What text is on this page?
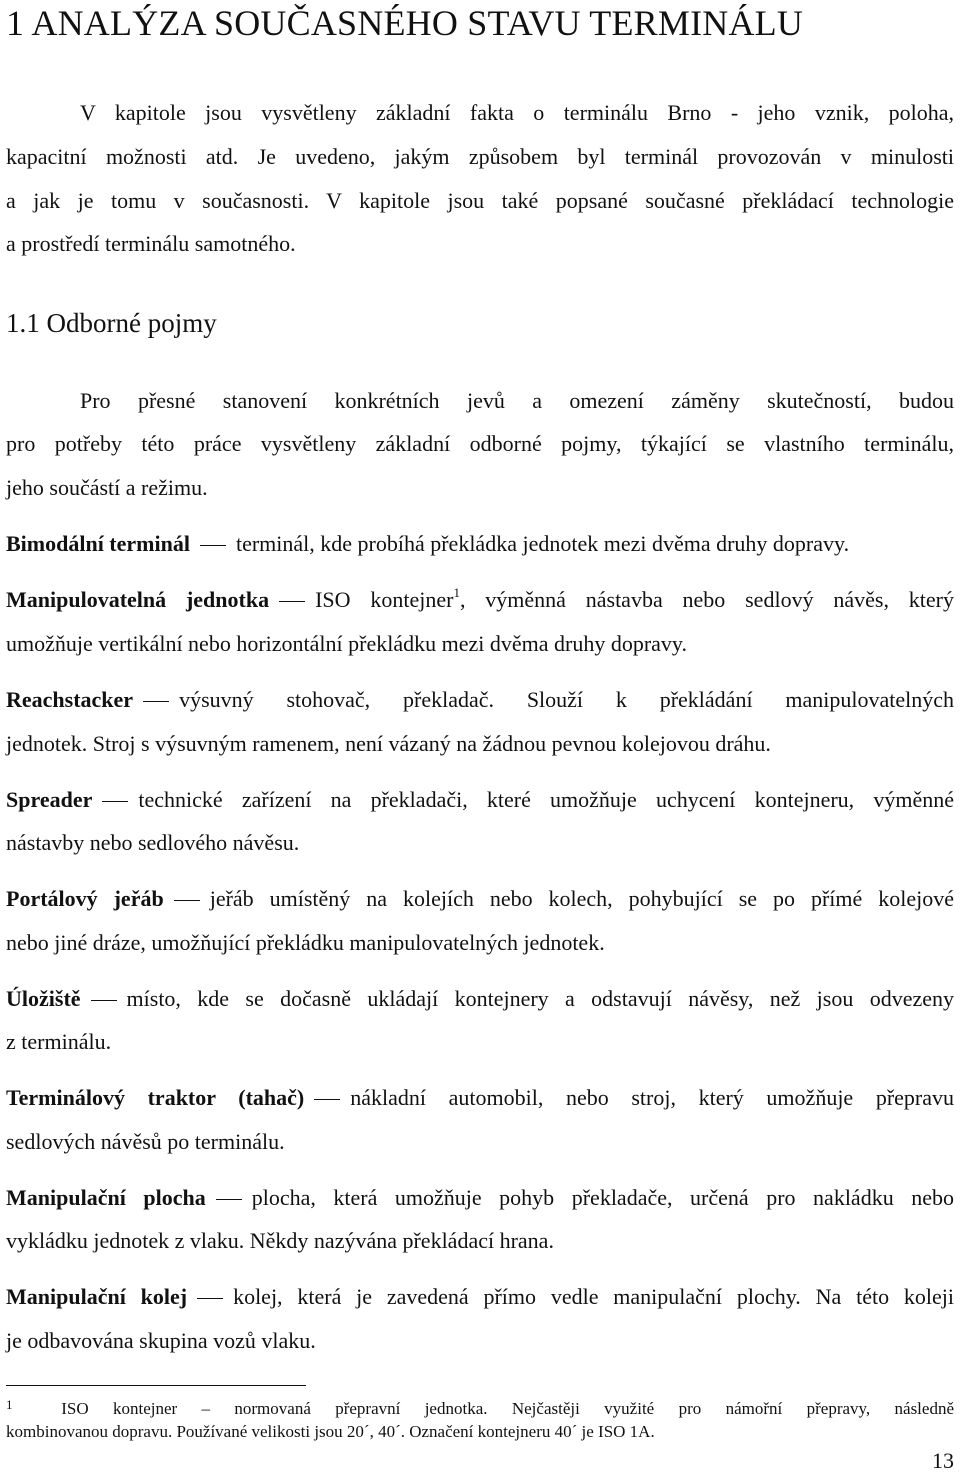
1 ANALÝZA SOUČASNÉHO STAVU TERMINÁLU
V kapitole jsou vysvětleny základní fakta o terminálu Brno - jeho vznik, poloha,
kapacitní možnosti atd. Je uvedeno, jakým způsobem byl terminál provozován v minulosti
a jak je tomu v současnosti. V kapitole jsou také popsané současné překládací technologie
a prostředí terminálu samotného.
1.1 Odborné pojmy
Pro přesné stanovení konkrétních jevů a omezení záměny skutečností, budou
pro potřeby této práce vysvětleny základní odborné pojmy, týkající se vlastního terminálu,
jeho součástí a režimu.
Bimodální terminál terminál, kde probíhá překládka jednotek mezi dvěma druhy dopravy.
Manipulovatelná jednotka ISO kontejner$^1$, výměnná nástavba nebo sedlový návěs, který
umožňuje vertikální nebo horizontální překládku mezi dvěma druhy dopravy.
Reachstacker výsuvný stohovač, překladač. Slouží k překládání manipulovatelných
jednotek. Stroj s výsuvným ramenem, není vázaný na žádnou pevnou kolejovou dráhu.
Spreader technické zařízení na překladači, které umožňuje uchycení kontejneru, výměnné
nástavby nebo sedlového návěsu.
Portálový jeřáb jeřáb umístěný na kolejích nebo kolech, pohybující se po přímé kolejové
nebo jiné dráze, umožňující překládku manipulovatelných jednotek.
Úložiště místo, kde se dočasně ukládají kontejnery a odstavují návěsy, než jsou odvezeny
z terminálu.
Terminálový traktor (tahač) nákladní automobil, nebo stroj, který umožňuje přepravu
sedlových návěsů po terminálu.
Manipulační plocha plocha, která umožňuje pohyb překladače, určená pro nakládku nebo
vykládku jednotek z vlaku. Někdy nazývána překládací hrana.
Manipulační kolej kolej, která je zavedená přímo vedle manipulační plochy. Na této koleji
je odbavována skupina vozů vlaku.
$^1$	ISO kontejner – normovaná přepravní jednotka. Nejčastěji využité pro námořní přepravy, následně
kombinovanou dopravu. Používané velikosti jsou 20´, 40´. Označení kontejneru 40´ je ISO 1A.
13
